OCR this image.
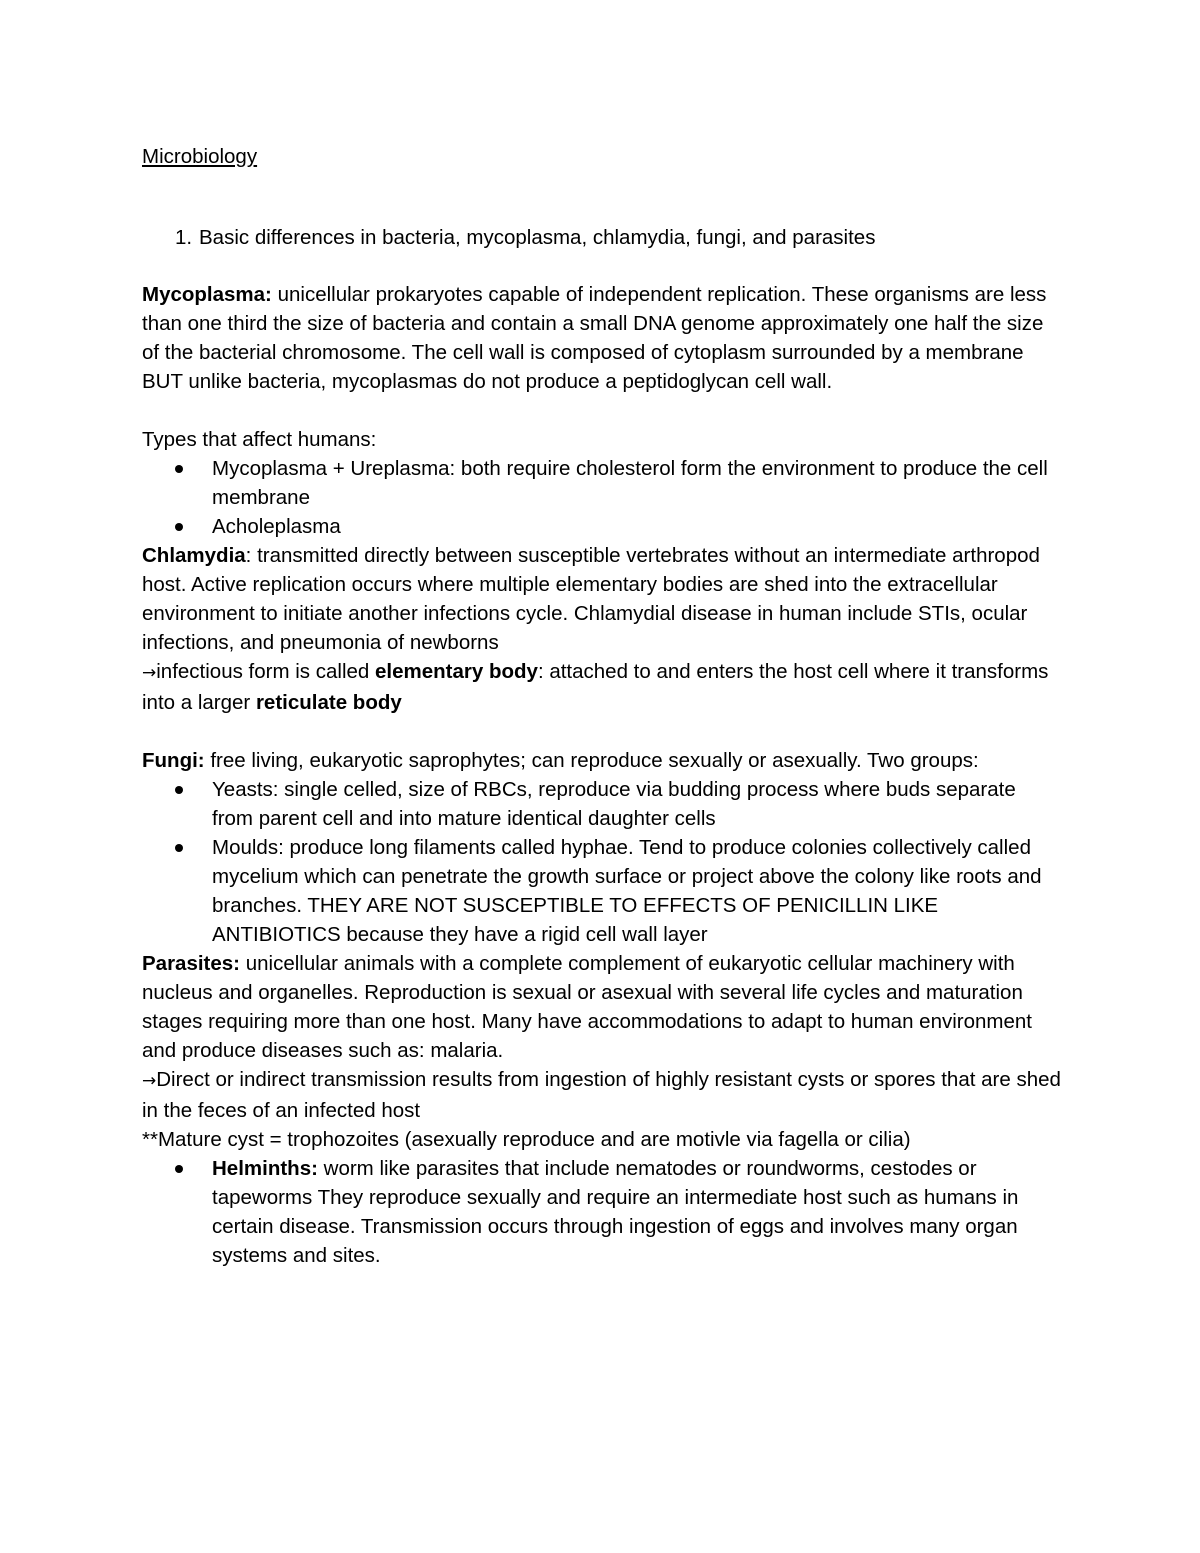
Microbiology
1. Basic differences in bacteria, mycoplasma, chlamydia, fungi, and parasites

Mycoplasma: unicellular prokaryotes capable of independent replication. These organisms are less than one third the size of bacteria and contain a small DNA genome approximately one half the size of the bacterial chromosome. The cell wall is composed of cytoplasm surrounded by a membrane BUT unlike bacteria, mycoplasmas do not produce a peptidoglycan cell wall.

Types that affect humans:

Mycoplasma + Ureplasma: both require cholesterol form the environment to produce the cell membrane
Acholeplasma

Chlamydia: transmitted directly between susceptible vertebrates without an intermediate arthropod host. Active replication occurs where multiple elementary bodies are shed into the extracellular environment to initiate another infections cycle. Chlamydial disease in human include STIs, ocular infections, and pneumonia of newborns

→infectious form is called elementary body: attached to and enters the host cell where it transforms into a larger reticulate body

Fungi: free living, eukaryotic saprophytes; can reproduce sexually or asexually. Two groups:

Yeasts: single celled, size of RBCs, reproduce via budding process where buds separate from parent cell and into mature identical daughter cells
Moulds: produce long filaments called hyphae. Tend to produce colonies collectively called mycelium which can penetrate the growth surface or project above the colony like roots and branches. THEY ARE NOT SUSCEPTIBLE TO EFFECTS OF PENICILLIN LIKE ANTIBIOTICS because they have a rigid cell wall layer

Parasites: unicellular animals with a complete complement of eukaryotic cellular machinery with nucleus and organelles. Reproduction is sexual or asexual with several life cycles and maturation stages requiring more than one host. Many have accommodations to adapt to human environment and produce diseases such as: malaria.

→Direct or indirect transmission results from ingestion of highly resistant cysts or spores that are shed in the feces of an infected host

**Mature cyst = trophozoites (asexually reproduce and are motivle via fagella or cilia)

Helminths: worm like parasites that include nematodes or roundworms, cestodes or tapeworms They reproduce sexually and require an intermediate host such as humans in certain disease. Transmission occurs through ingestion of eggs and involves many organ systems and sites.
